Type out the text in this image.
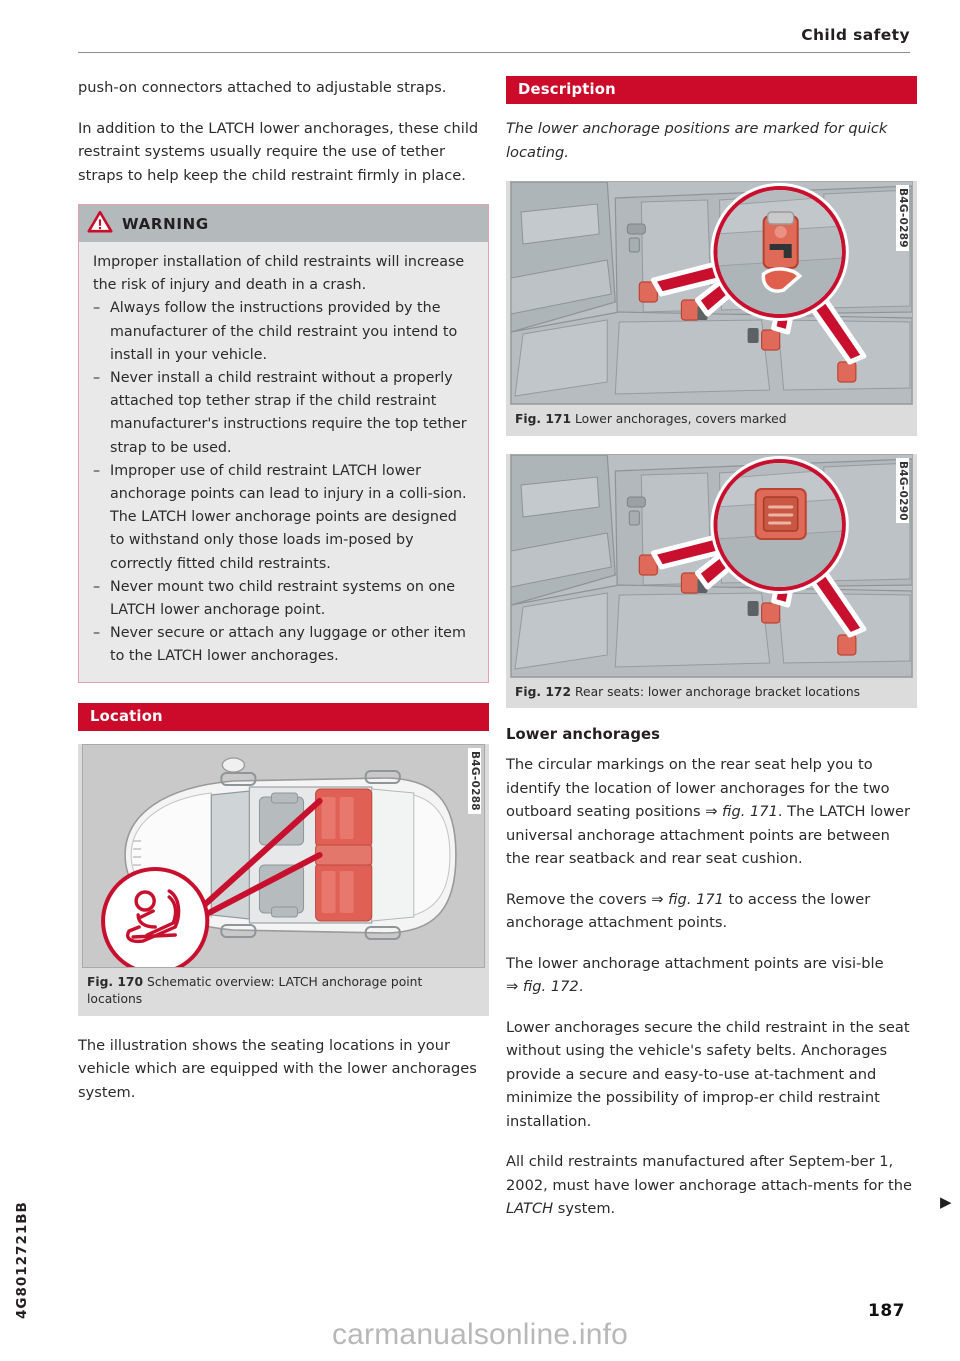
Child safety

push-on connectors attached to adjustable straps.

In addition to the LATCH lower anchorages, these child restraint systems usually require the use of tether straps to help keep the child restraint firmly in place.

WARNING

Improper installation of child restraints will increase the risk of injury and death in a crash.

– Always follow the instructions provided by the manufacturer of the child restraint you intend to install in your vehicle.
– Never install a child restraint without a properly attached top tether strap if the child restraint manufacturer's instructions require the top tether strap to be used.
– Improper use of child restraint LATCH lower anchorage points can lead to injury in a colli-sion. The LATCH lower anchorage points are designed to withstand only those loads im-posed by correctly fitted child restraints.
– Never mount two child restraint systems on one LATCH lower anchorage point.
– Never secure or attach any luggage or other item to the LATCH lower anchorages.
Location
B4G-0288
Fig. 170 Schematic overview: LATCH anchorage point locations

The illustration shows the seating locations in your vehicle which are equipped with the lower anchorages system.

Description

The lower anchorage positions are marked for quick locating.

B4G-0289
Fig. 171 Lower anchorages, covers marked
B4G-0290
Fig. 172 Rear seats: lower anchorage bracket locations
Lower anchorages

The circular markings on the rear seat help you to identify the location of lower anchorages for the two outboard seating positions ⇒ fig. 171. The LATCH lower universal anchorage attachment points are between the rear seatback and rear seat cushion.

Remove the covers ⇒ fig. 171 to access the lower anchorage attachment points.

The lower anchorage attachment points are visi-ble ⇒ fig. 172.

Lower anchorages secure the child restraint in the seat without using the vehicle's safety belts. Anchorages provide a secure and easy-to-use at-tachment and minimize the possibility of improp-er child restraint installation.

All child restraints manufactured after Septem-ber 1, 2002, must have lower anchorage attach-ments for the LATCH system.

4G8012721BB	▶
187
carmanualsonline.info
